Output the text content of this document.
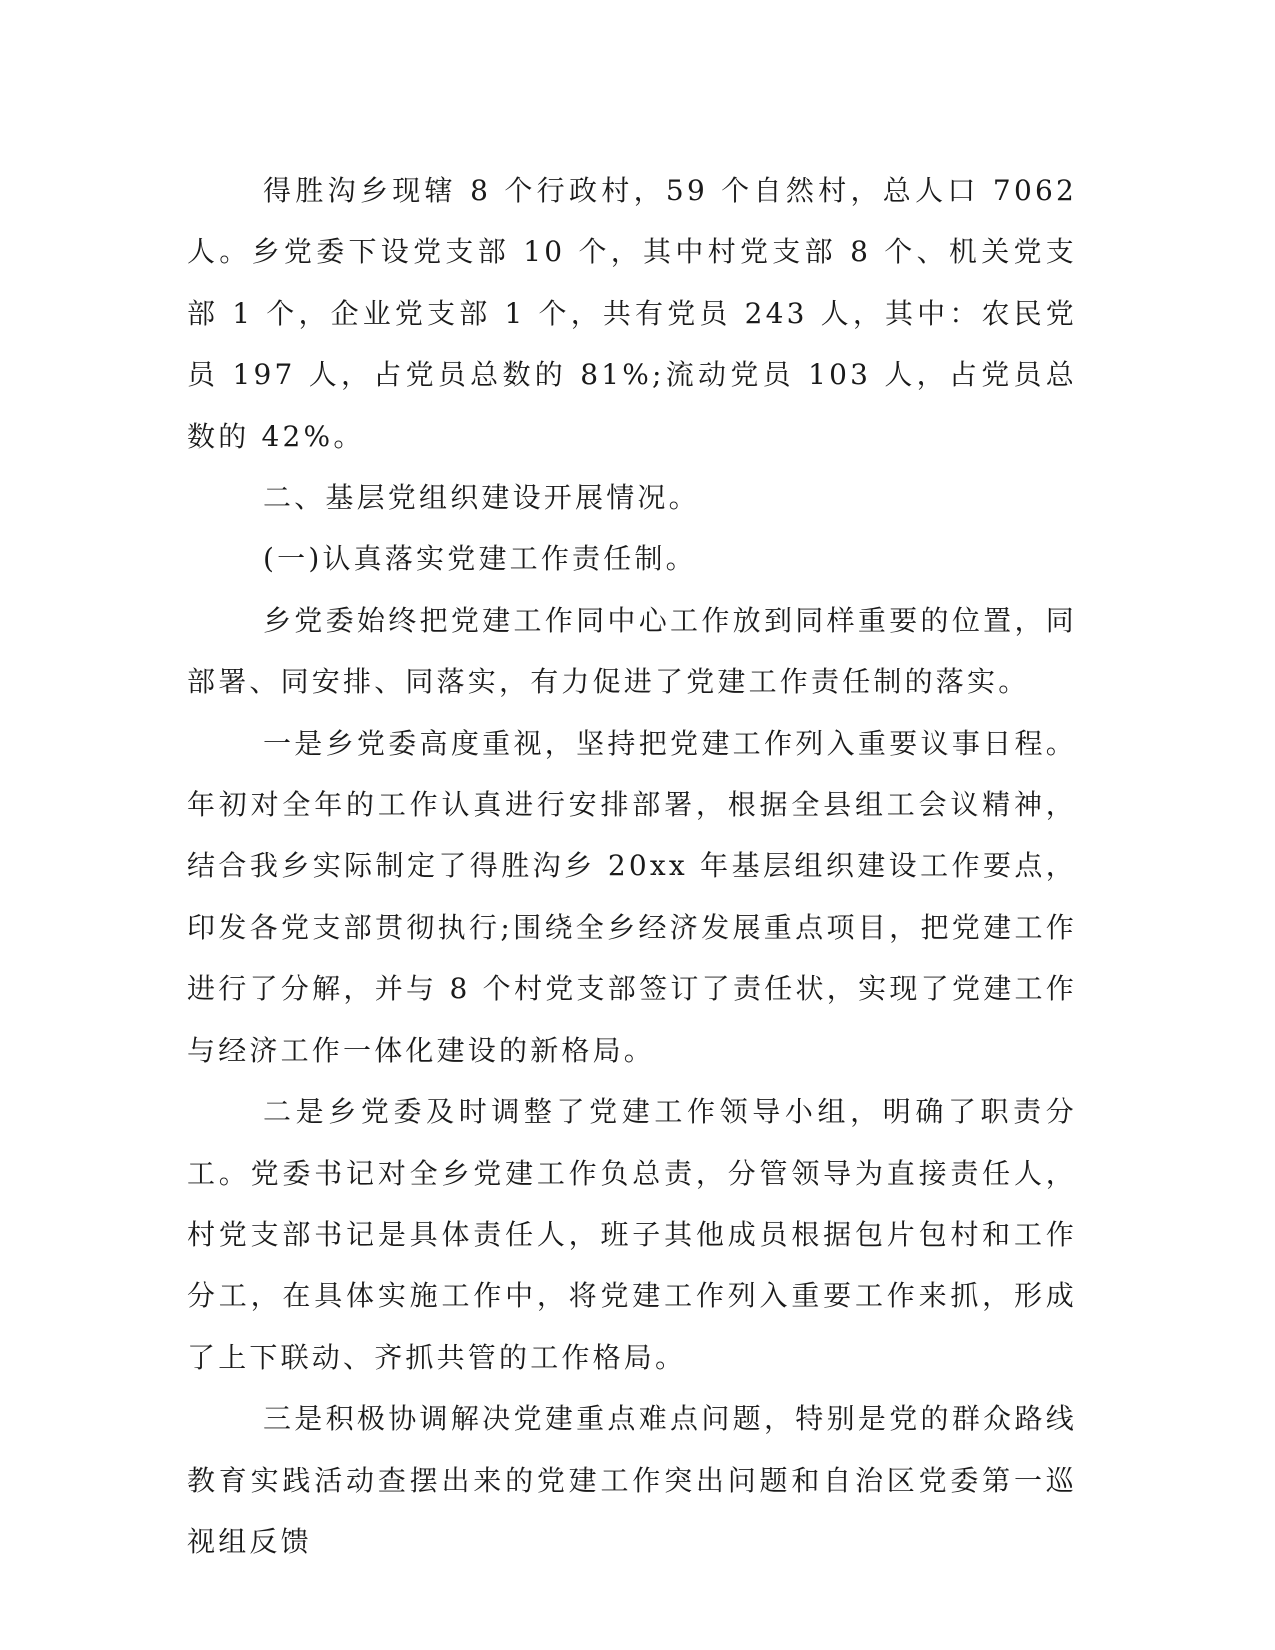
得胜沟乡现辖 8 个行政村，59 个自然村，总人口 7062 人。乡党委下设党支部 10 个，其中村党支部 8 个、机关党支部 1 个，企业党支部 1 个，共有党员 243 人，其中：农民党员 197 人，占党员总数的 81%;流动党员 103 人，占党员总数的 42%。

二、基层党组织建设开展情况。

(一)认真落实党建工作责任制。

乡党委始终把党建工作同中心工作放到同样重要的位置，同部署、同安排、同落实，有力促进了党建工作责任制的落实。

一是乡党委高度重视，坚持把党建工作列入重要议事日程。年初对全年的工作认真进行安排部署，根据全县组工会议精神，结合我乡实际制定了得胜沟乡 20xx 年基层组织建设工作要点，印发各党支部贯彻执行;围绕全乡经济发展重点项目，把党建工作进行了分解，并与 8 个村党支部签订了责任状，实现了党建工作与经济工作一体化建设的新格局。

二是乡党委及时调整了党建工作领导小组，明确了职责分工。党委书记对全乡党建工作负总责，分管领导为直接责任人，村党支部书记是具体责任人，班子其他成员根据包片包村和工作分工，在具体实施工作中，将党建工作列入重要工作来抓，形成了上下联动、齐抓共管的工作格局。

三是积极协调解决党建重点难点问题，特别是党的群众路线教育实践活动查摆出来的党建工作突出问题和自治区党委第一巡视组反馈
